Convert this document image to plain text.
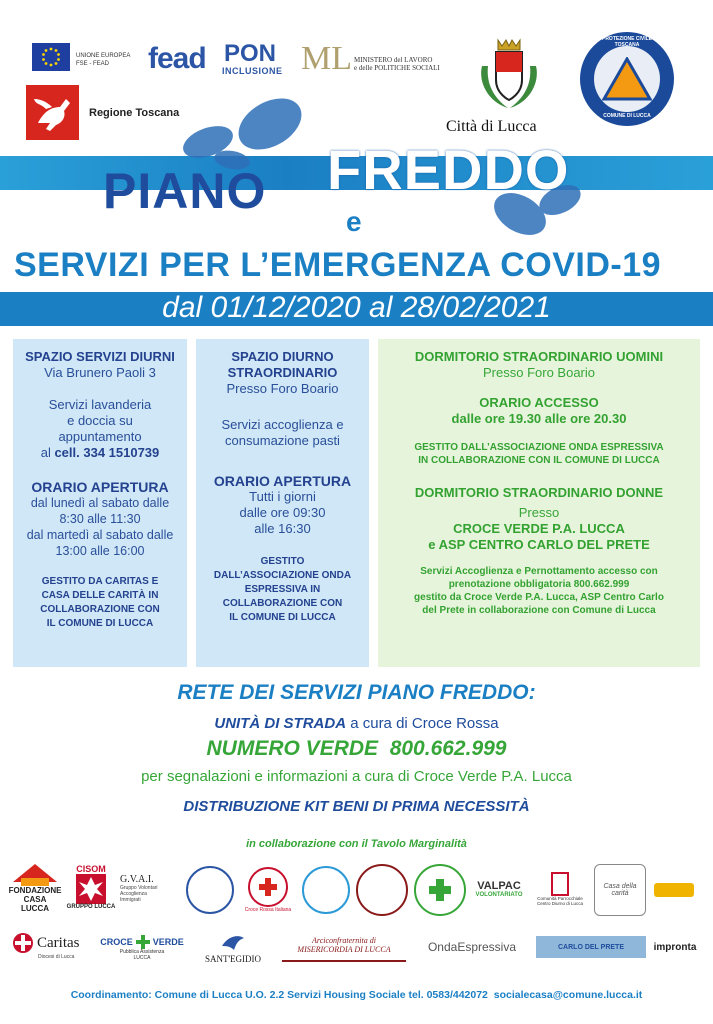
UNIONE EUROPEA
FSE - FEAD	fead PON
INCLUSIONE ML MINISTERO del LAVORO
e delle POLITICHE SOCIALI
Regione Toscana
Città di Lucca
PROTEZIONE CIVILE TOSCANA
COMUNE DI LUCCA
PIANO FREDDO
e
SERVIZI PER L’EMERGENZA COVID-19
dal 01/12/2020 al 28/02/2021
SPAZIO SERVIZI DIURNI
Via Brunero Paoli 3
Servizi lavanderia
e doccia su
appuntamento
al cell. 334 1510739
ORARIO APERTURA
dal lunedì al sabato dalle
8:30 alle 11:30
dal martedì al sabato dalle
13:00 alle 16:00
GESTITO DA CARITAS E
CASA DELLE CARITÀ IN
COLLABORAZIONE CON
IL COMUNE DI LUCCA
SPAZIO DIURNO
STRAORDINARIO
Presso Foro Boario
Servizi accoglienza e
consumazione pasti
ORARIO APERTURA
Tutti i giorni
dalle ore 09:30
alle 16:30
GESTITO
DALL’ASSOCIAZIONE ONDA
ESPRESSIVA IN
COLLABORAZIONE CON
IL COMUNE DI LUCCA
DORMITORIO STRAORDINARIO UOMINI
Presso Foro Boario
ORARIO ACCESSO
dalle ore 19.30 alle ore 20.30
GESTITO DALL’ASSOCIAZIONE ONDA ESPRESSIVA
IN COLLABORAZIONE CON IL COMUNE DI LUCCA
DORMITORIO STRAORDINARIO DONNE
Presso
CROCE VERDE P.A. LUCCA
e ASP CENTRO CARLO DEL PRETE
Servizi Accoglienza e Pernottamento accesso con
prenotazione obbligatoria 800.662.999
gestito da Croce Verde P.A. Lucca, ASP Centro Carlo
del Prete in collaborazione con Comune di Lucca
RETE DEI SERVIZI PIANO FREDDO:
UNITÀ DI STRADA a cura di Croce Rossa
NUMERO VERDE  800.662.999
per segnalazioni e informazioni a cura di Croce Verde P.A. Lucca
DISTRIBUZIONE KIT BENI DI PRIMA NECESSITÀ
in collaborazione con il Tavolo Marginalità
FONDAZIONE
CASA
LUCCA
CISOM
GRUPPO LUCCA
G.V.A.I.
Gruppo Volontari
Accoglienza
Immigrati
Croce Rossa Italiana
VALPAC
VOLONTARIATO
Comunità Parrocchiale
Centro Diurno di Lucca
Casa della carità
Caritas
Diocesi di Lucca
CROCE VERDE
Pubblica Assistenza
LUCCA	SANT'EGIDIO
Arciconfraternita di
MISERICORDIA DI LUCCA	OndaEspressiva	CARLO DEL PRETE	impronta
Coordinamento: Comune di Lucca U.O. 2.2 Servizi Housing Sociale tel. 0583/442072  socialecasa@comune.lucca.it
